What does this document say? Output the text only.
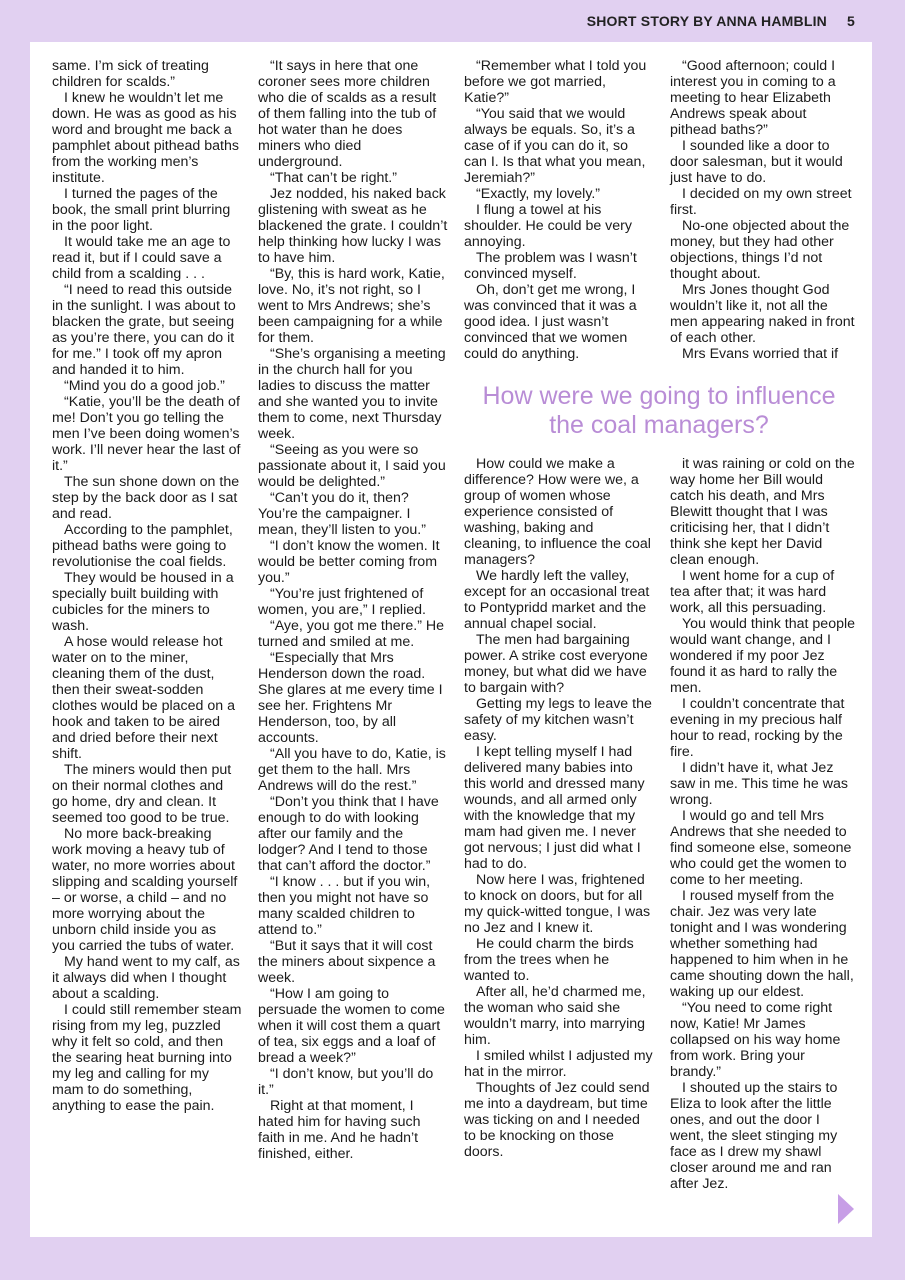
SHORT STORY BY ANNA HAMBLIN 5

same. I’m sick of treating children for scalds.”

I knew he wouldn’t let me down. He was as good as his word and brought me back a pamphlet about pithead baths from the working men’s institute.

I turned the pages of the book, the small print blurring in the poor light.

It would take me an age to read it, but if I could save a child from a scalding . . .

“I need to read this outside in the sunlight. I was about to blacken the grate, but seeing as you’re there, you can do it for me.” I took off my apron and handed it to him.

“Mind you do a good job.”

“Katie, you’ll be the death of me! Don’t you go telling the men I’ve been doing women’s work. I’ll never hear the last of it.”

The sun shone down on the step by the back door as I sat and read.

According to the pamphlet, pithead baths were going to revolutionise the coal fields.

They would be housed in a specially built building with cubicles for the miners to wash.

A hose would release hot water on to the miner, cleaning them of the dust, then their sweat-sodden clothes would be placed on a hook and taken to be aired and dried before their next shift.

The miners would then put on their normal clothes and go home, dry and clean. It seemed too good to be true.

No more back-breaking work moving a heavy tub of water, no more worries about slipping and scalding yourself – or worse, a child – and no more worrying about the unborn child inside you as you carried the tubs of water.

My hand went to my calf, as it always did when I thought about a scalding.

I could still remember steam rising from my leg, puzzled why it felt so cold, and then the searing heat burning into my leg and calling for my mam to do something, anything to ease the pain.

“It says in here that one coroner sees more children who die of scalds as a result of them falling into the tub of hot water than he does miners who died underground.

“That can’t be right.”

Jez nodded, his naked back glistening with sweat as he blackened the grate. I couldn’t help thinking how lucky I was to have him.

“By, this is hard work, Katie, love. No, it’s not right, so I went to Mrs Andrews; she’s been campaigning for a while for them.

“She’s organising a meeting in the church hall for you ladies to discuss the matter and she wanted you to invite them to come, next Thursday week.

“Seeing as you were so passionate about it, I said you would be delighted.”

“Can’t you do it, then? You’re the campaigner. I mean, they’ll listen to you.”

“I don’t know the women. It would be better coming from you.”

“You’re just frightened of women, you are,” I replied.

“Aye, you got me there.” He turned and smiled at me.

“Especially that Mrs Henderson down the road. She glares at me every time I see her. Frightens Mr Henderson, too, by all accounts.

“All you have to do, Katie, is get them to the hall. Mrs Andrews will do the rest.”

“Don’t you think that I have enough to do with looking after our family and the lodger? And I tend to those that can’t afford the doctor.”

“I know . . . but if you win, then you might not have so many scalded children to attend to.”

“But it says that it will cost the miners about sixpence a week.

“How I am going to persuade the women to come when it will cost them a quart of tea, six eggs and a loaf of bread a week?”

“I don’t know, but you’ll do it.”

Right at that moment, I hated him for having such faith in me. And he hadn’t finished, either.

“Remember what I told you before we got married, Katie?”

“You said that we would always be equals. So, it’s a case of if you can do it, so can I. Is that what you mean, Jeremiah?”

“Exactly, my lovely.”

I flung a towel at his shoulder. He could be very annoying.

The problem was I wasn’t convinced myself.

Oh, don’t get me wrong, I was convinced that it was a good idea. I just wasn’t convinced that we women could do anything.

“Good afternoon; could I interest you in coming to a meeting to hear Elizabeth Andrews speak about pithead baths?”

I sounded like a door to door salesman, but it would just have to do.

I decided on my own street first.

No-one objected about the money, but they had other objections, things I’d not thought about.

Mrs Jones thought God wouldn’t like it, not all the men appearing naked in front of each other.

Mrs Evans worried that if

How were we going to influence the coal managers?

How could we make a difference? How were we, a group of women whose experience consisted of washing, baking and cleaning, to influence the coal managers?

We hardly left the valley, except for an occasional treat to Pontypridd market and the annual chapel social.

The men had bargaining power. A strike cost everyone money, but what did we have to bargain with?

Getting my legs to leave the safety of my kitchen wasn’t easy.

I kept telling myself I had delivered many babies into this world and dressed many wounds, and all armed only with the knowledge that my mam had given me. I never got nervous; I just did what I had to do.

Now here I was, frightened to knock on doors, but for all my quick-witted tongue, I was no Jez and I knew it.

He could charm the birds from the trees when he wanted to.

After all, he’d charmed me, the woman who said she wouldn’t marry, into marrying him.

I smiled whilst I adjusted my hat in the mirror.

Thoughts of Jez could send me into a daydream, but time was ticking on and I needed to be knocking on those doors.

it was raining or cold on the way home her Bill would catch his death, and Mrs Blewitt thought that I was criticising her, that I didn’t think she kept her David clean enough.

I went home for a cup of tea after that; it was hard work, all this persuading.

You would think that people would want change, and I wondered if my poor Jez found it as hard to rally the men.

I couldn’t concentrate that evening in my precious half hour to read, rocking by the fire.

I didn’t have it, what Jez saw in me. This time he was wrong.

I would go and tell Mrs Andrews that she needed to find someone else, someone who could get the women to come to her meeting.

I roused myself from the chair. Jez was very late tonight and I was wondering whether something had happened to him when in he came shouting down the hall, waking up our eldest.

“You need to come right now, Katie! Mr James collapsed on his way home from work. Bring your brandy.”

I shouted up the stairs to Eliza to look after the little ones, and out the door I went, the sleet stinging my face as I drew my shawl closer around me and ran after Jez.
